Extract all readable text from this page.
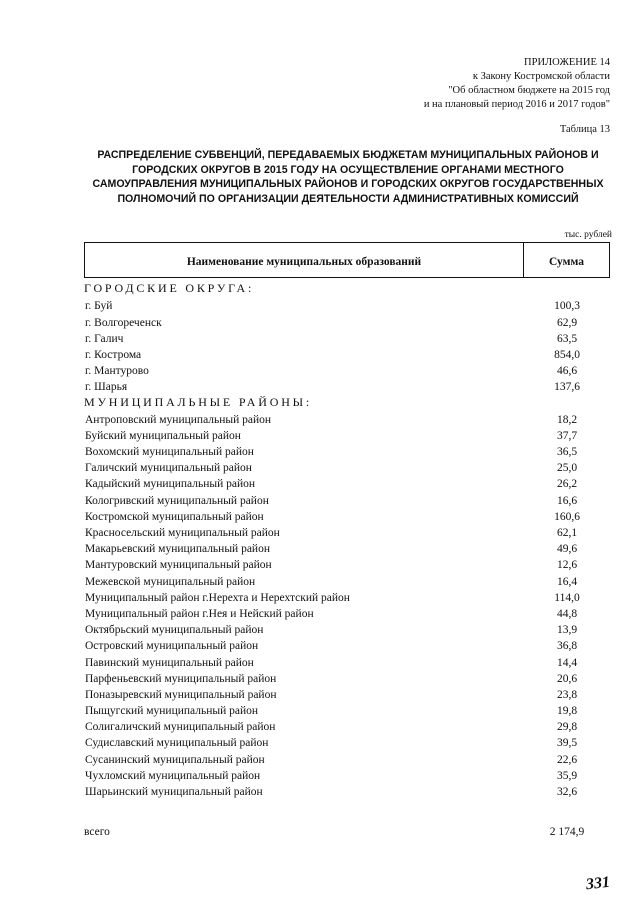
ПРИЛОЖЕНИЕ 14
к Закону Костромской области
"Об областном бюджете на 2015 год
и на плановый период 2016 и 2017 годов"
Таблица 13
РАСПРЕДЕЛЕНИЕ СУБВЕНЦИЙ, ПЕРЕДАВАЕМЫХ БЮДЖЕТАМ МУНИЦИПАЛЬНЫХ РАЙОНОВ И
ГОРОДСКИХ ОКРУГОВ В 2015 ГОДУ НА ОСУЩЕСТВЛЕНИЕ ОРГАНАМИ МЕСТНОГО
САМОУПРАВЛЕНИЯ МУНИЦИПАЛЬНЫХ РАЙОНОВ И ГОРОДСКИХ ОКРУГОВ ГОСУДАРСТВЕННЫХ
ПОЛНОМОЧИЙ ПО ОРГАНИЗАЦИИ ДЕЯТЕЛЬНОСТИ АДМИНИСТРАТИВНЫХ КОМИССИЙ
тыс. рублей
Наименование муниципальных образований	Сумма
ГОРОДСКИЕ ОКРУГА:
г. Буй	100,3
г. Волгореченск	62,9
г. Галич	63,5
г. Кострома	854,0
г. Мантурово	46,6
г. Шарья	137,6
МУНИЦИПАЛЬНЫЕ РАЙОНЫ:
Антроповский муниципальный район	18,2
Буйский муниципальный район	37,7
Вохомский муниципальный район	36,5
Галичский муниципальный район	25,0
Кадыйский муниципальный район	26,2
Кологривский муниципальный район	16,6
Костромской муниципальный район	160,6
Красносельский муниципальный район	62,1
Макарьевский муниципальный район	49,6
Мантуровский муниципальный район	12,6
Межевской муниципальный район	16,4
Муниципальный район г.Нерехта и Нерехтский район	114,0
Муниципальный район г.Нея и Нейский район	44,8
Октябрьский муниципальный район	13,9
Островский муниципальный район	36,8
Павинский муниципальный район	14,4
Парфеньевский муниципальный район	20,6
Поназыревский муниципальный район	23,8
Пыщугский муниципальный район	19,8
Солигаличский муниципальный район	29,8
Судиславский муниципальный район	39,5
Сусанинский муниципальный район	22,6
Чухломский муниципальный район	35,9
Шарьинский муниципальный район	32,6
всего	2 174,9
331
